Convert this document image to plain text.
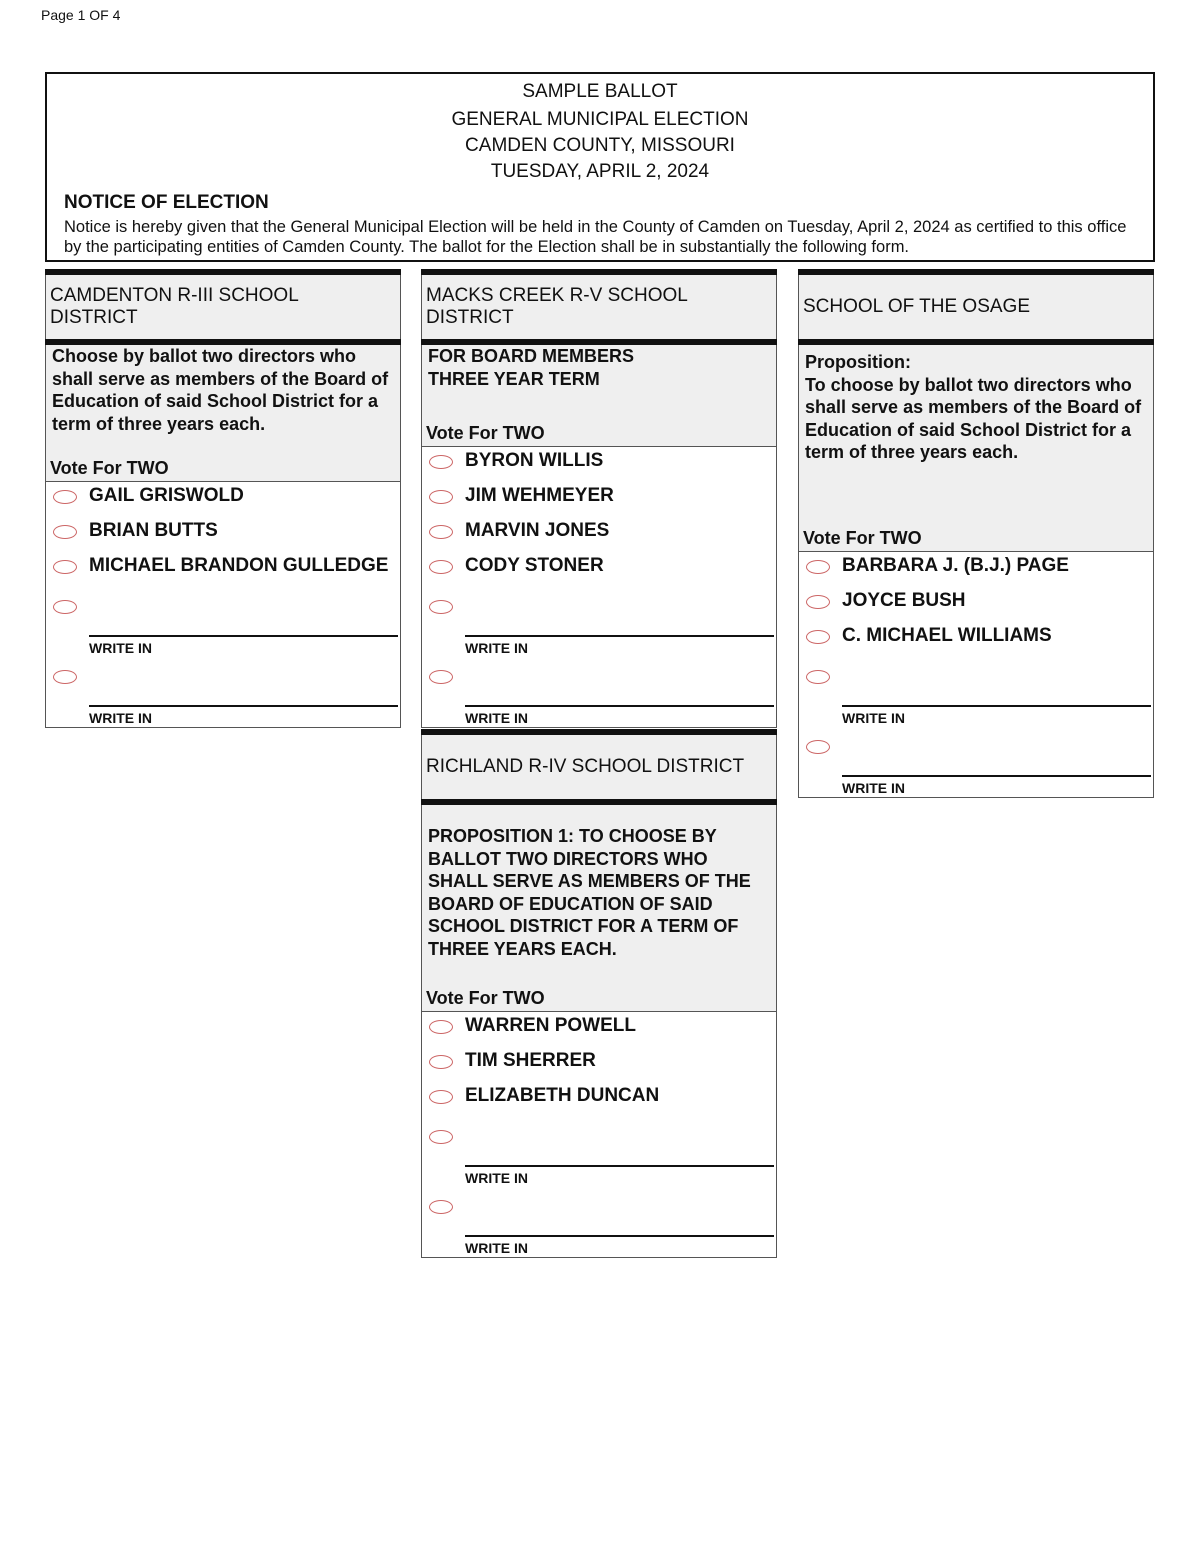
Page 1 OF 4
SAMPLE BALLOT
GENERAL MUNICIPAL ELECTION
CAMDEN COUNTY, MISSOURI
TUESDAY, APRIL 2, 2024
NOTICE OF ELECTION
Notice is hereby given that the General Municipal Election will be held in the County of Camden on Tuesday, April 2, 2024 as certified to this office by the participating entities of Camden County. The ballot for the Election shall be in substantially the following form.
CAMDENTON R-III SCHOOL DISTRICT
Choose by ballot two directors who shall serve as members of the Board of Education of said School District for a term of three years each.
Vote For TWO
GAIL GRISWOLD
BRIAN BUTTS
MICHAEL BRANDON GULLEDGE
WRITE IN
WRITE IN
MACKS CREEK R-V SCHOOL DISTRICT
FOR BOARD MEMBERS THREE YEAR TERM
Vote For TWO
BYRON WILLIS
JIM WEHMEYER
MARVIN JONES
CODY STONER
WRITE IN
WRITE IN
SCHOOL OF THE OSAGE
Proposition:
To choose by ballot two directors who shall serve as members of the Board of Education of said School District for a term of three years each.
Vote For TWO
BARBARA J. (B.J.) PAGE
JOYCE BUSH
C. MICHAEL WILLIAMS
WRITE IN
WRITE IN
RICHLAND R-IV SCHOOL DISTRICT
PROPOSITION 1: TO CHOOSE BY BALLOT TWO DIRECTORS WHO SHALL SERVE AS MEMBERS OF THE BOARD OF EDUCATION OF SAID SCHOOL DISTRICT FOR A TERM OF THREE YEARS EACH.
Vote For TWO
WARREN POWELL
TIM SHERRER
ELIZABETH DUNCAN
WRITE IN
WRITE IN
